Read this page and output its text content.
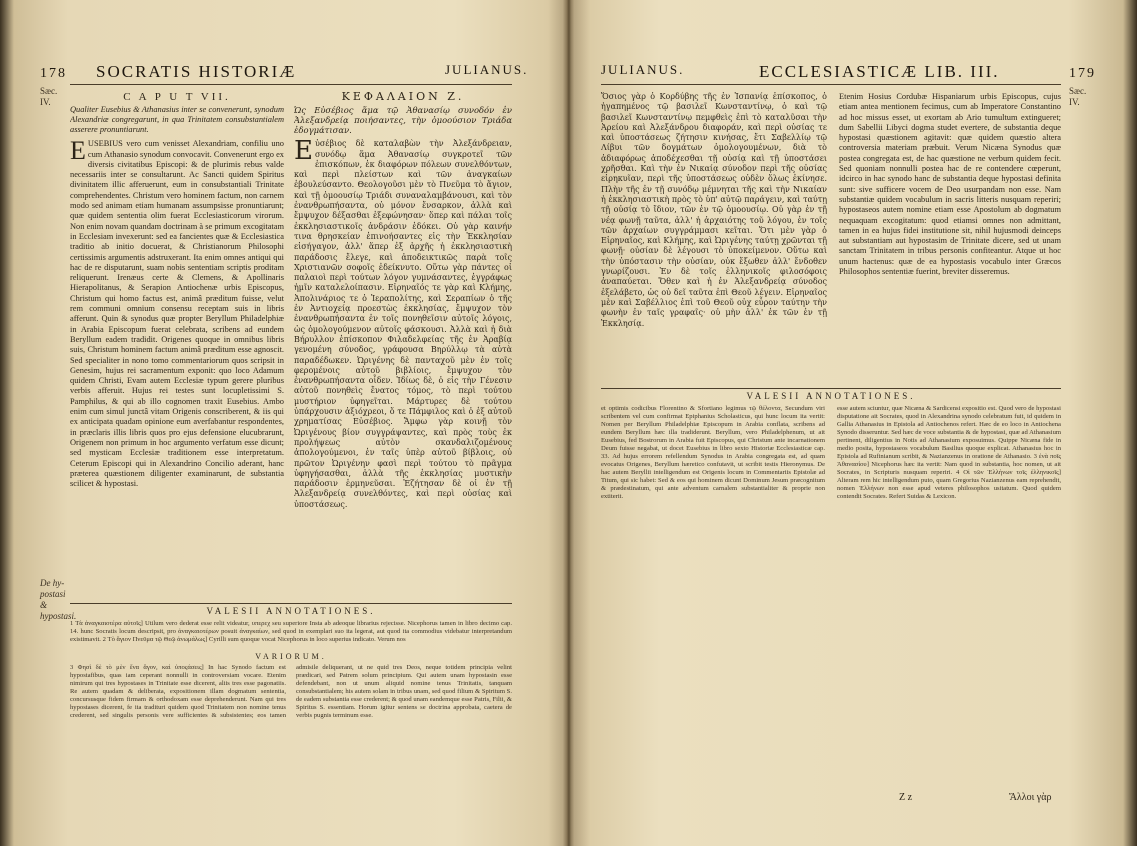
178 SOCRATIS HISTORIÆ	JULIANUS.
Sæc. IV.	C A P U T VII.
Qualiter Eusebius & Athanasius inter se convenerunt, synodum Alexandriæ congregarunt, in qua Trinitatem consubstantialem asserere pronuntiarunt.

EUSEBIUS vero cum venisset Alexandriam, confiliu uno cum Athanasio synodum convocavit. Convenerunt ergo ex diversis civitatibus Episcopi: & de plurimis rebus valde necessariis inter se consultarunt. Ac Sancti quidem Spiritus divinitatem illic afferuerunt, eum in consubstantiali Trinitate comprehendentes. Christum vero hominem factum, non carnem modo sed animam etiam humanam assumpsisse pronuntiarunt; quæ quidem sententia olim fuerat Ecclesiasticorum virorum. Non enim novam quandam doctrinam à se primum excogitatam in Ecclesiam invexerunt: sed ea fancientes quæ & Ecclesiastica traditio ab initio docuerat, & Christianorum Philosophi certissimis argumentis adstruxerant. Ita enim omnes antiqui qui hac de re disputarunt, suam nobis sententiam scriptis proditam reliquerunt. Irenæus certe & Clemens, & Apollinaris Hierapolitanus, & Serapion Antiochenæ urbis Episcopus, Christum qui homo factus est, animâ præditum fuisse, velut rem communi omnium consensu receptam suis in libris afferunt. Quin & synodus quæ propter Beryllum Philadelphiæ in Arabia Episcopum fuerat celebrata, scribens ad eundem Beryllum eadem tradidit. Origenes quoque in omnibus libris suis, Christum hominem factum animâ præditum esse agnoscit. Sed specialiter in nono tomo commentariorum quos scripsit in Genesim, hujus rei sacramentum exponit: quo loco Adamum quidem Christi, Evam autem Ecclesiæ typum gerere pluribus verbis afferuit. Hujus rei testes sunt locupletissimi S. Pamphilus, & qui ab illo cognomen traxit Eusebius. Ambo enim cum simul junctâ vitam Origenis conscriberent, & iis qui ex anticipata quadam opinione eum averfabantur respondentes, in præclaris illis libris quos pro ejus defensione elucubrarunt, Origenem non primum in hoc argumento verfatum esse dicunt; sed mysticam Ecclesiæ traditionem esse interpretatum. Ceterum Episcopi qui in Alexandrino Concilio aderant, hanc præterea quæstionem diligenter examinarunt, de substantia scilicet & hypostasi.

ΚΕΦΑΛΑΙΟΝ Ζ.
Ὡς Εὐσέβιος ἅμα τῷ Ἀθανασίῳ συνοδόν ἐν Ἀλεξανδρείᾳ ποιήσαντες, τὴν ὁμοούσιον Τριάδα ἐδογμάτισαν.

Εὐσέβιος δὲ καταλαβὼν τὴν Ἀλεξάνδρειαν, συνόδῳ ἅμα Ἀθανασίῳ συγκροτεῖ τῶν ἐπισκόπων, ἐκ διαφόρων πόλεων συνελθόντων, καὶ περὶ πλείστων καὶ τῶν ἀναγκαίων ἐβουλεύσαντο. Θεολογοῦσι μὲν τὸ Πνεῦμα τὸ ἅγιον, καὶ τῇ ὁμοουσίῳ Τριάδι συναναλαμβάνουσι, καὶ τὸν ἐνανθρωπήσαντα, οὐ μόνον ἔνσαρκον, ἀλλὰ καὶ ἔμψυχον δέξασθαι ἐξεφώνησαν· ὅπερ καὶ πάλαι τοῖς ἐκκλησιαστικοῖς ἀνδράσιν ἐδόκει. Οὐ γὰρ καινήν τινα θρησκείαν ἐπινοήσαντες εἰς τὴν Ἐκκλησίαν εἰσήγαγον, ἀλλ' ἅπερ ἐξ ἀρχῆς ἡ ἐκκλησιαστικὴ παράδοσις ἔλεγε, καὶ ἀποδεικτικῶς παρὰ τοῖς Χριστιανῶν σοφοῖς ἐδείκνυτο. Οὕτω γὰρ πάντες οἱ παλαιοὶ περὶ τούτων λόγον γυμνάσαντες, ἐγγράφως ἡμῖν καταλελοίπασιν. Εἰρηναῖός τε γὰρ καὶ Κλήμης, Ἀπολινάριος τε ὁ Ἱεραπολίτης, καὶ Σεραπίων ὁ τῆς ἐν Ἀντιοχείᾳ προεστὼς ἐκκλησίας, ἔμψυχον τὸν ἐνανθρωπήσαντα ἐν τοῖς πονηθεῖσιν αὐτοῖς λόγοις, ὡς ὁμολογούμενον αὐτοῖς φάσκουσι. Ἀλλὰ καὶ ἡ διὰ Βήρυλλον ἐπίσκοπον Φιλαδελφείας τῆς ἐν Ἀραβίᾳ γενομένη σύνοδος, γράφουσα Βηρύλλῳ τὰ αὐτὰ παραδέδωκεν. Ὠριγένης δὲ πανταχοῦ μὲν ἐν τοῖς φερομένοις αὐτοῦ βιβλίοις, ἔμψυχον τὸν ἐνανθρωπήσαντα οἶδεν. Ἰδίως δὲ, ὁ εἰς τὴν Γένεσιν αὐτοῦ πονηθεὶς ἔνατος τόμος, τὸ περὶ τούτου μυστήριον ὑφηγεῖται. Μάρτυρες δὲ τούτου ὑπάρχουσιν ἀξιόχρεοι, ὅ τε Πάμφιλος καὶ ὁ ἐξ αὐτοῦ χρηματίσας Εὐσέβιος. Ἄμφω γὰρ κοινῇ τὸν Ὠριγένους βίον συγγράψαντες, καὶ πρὸς τοὺς ἐκ προλήψεως αὐτὸν σκανδαλιζομένους ἀπολογούμενοι, ἐν ταῖς ὑπὲρ αὐτοῦ βίβλοις, οὐ πρῶτον Ὠριγένην φασὶ περὶ τούτου τὸ πρᾶγμα ὑφηγήσασθαι, ἀλλὰ τῆς ἐκκλησίας μυστικὴν παράδοσιν ἑρμηνεῦσαι. Ἐζήτησαν δὲ οἱ ἐν τῇ Ἀλεξανδρείᾳ συνελθόντες, καὶ περὶ οὐσίας καὶ ὑποστάσεως.

De hy-postasi & hypostasi.	VALESII ANNOTATIONES.
1 Τὰ ἀναγκαιοτέρα αὐτοῖς] Utilum vero dederat esse relit videatur, υπερεχ seu superiore Insta ab adeoque librarius rejecisse. Nicephorus tamen in libro decimo cap. 14. hunc Socratis locum descripsit, pro ἀναγκαιοτέρων posuit ἀναγκαίων, sed quod in exemplari suo ita legerat, aut quod ita commodius videbatur interpretandum existimavit. 2 Τὸ ἅγιον Πνεῦμα τῷ Θεῷ ἀνωμάλως] Cyrilli sum quoque vocat Nicephorus in loco superius indicato. Verum nos
VARIORUM.
3 Φησὶ δὲ τὸ μὲν ἕνα ἄγον, καὶ ὑποςάσεις] In hac Synodo factum est hypostafibus, quas iam ceperant nonnulli in controversiam vocare. Etenim nimirum qui tres hypostases in Trinitate esse dicerent, aliis tres esse pagonatiis. Re autem quadam & deliberata, expositionem illam dogmatum sententia, concursusque fidem firmam & orthodoxam esse deprehenderunt. Nam qui tres hypostases dicerent, fe ita tradituri quidem quod Trinitatem non nomine tenus crederent, sed singulis personis vere sufficientes & subsistentes; eos tamen admisile deliquerant, ut ne quid tres Deos, neque totidem principia velint prædicari, sed Patrem solum principium. Qui autem unam hypostasin esse defendebant, non ut unum aliquid nomine tenus Trinitatis, tanquam consubstantialem; his autem solam in tribus unam, sed quod filium & Spiritum S. de eadem substantia esse crederent; & quod unam eandemque esse Patris, Filii, & Spiritus S. essentiam. Horum igitur sentens se doctrina approbata, caetera de verbis pugnis terminum esse.
JULIANUS.	ECCLESIASTICÆ LIB. III.	179
Sæc. IV.

Ὅσιος γὰρ ὁ Κορδύβης τῆς ἐν Ἱσπανίᾳ ἐπίσκοπος, ὁ ἠγαπημένος τῷ βασιλεῖ Κωνσταντίνῳ, ὁ καὶ τῷ βασιλεῖ Κωνσταντίνῳ πεμφθεὶς ἐπὶ τὸ καταλῦσαι τὴν Ἀρείου καὶ Ἀλεξάνδρου διαφοράν, καὶ περὶ οὐσίας τε καὶ ὑποστάσεως ζήτησιν κινήσας, ἔτι Σαβελλίῳ τῷ Λίβυι τῶν δογμάτων ὁμολογουμένων, διὰ τὸ ἀδιαφόρως ἀποδέχεσθαι τῇ οὐσίᾳ καὶ τῇ ὑποστάσει χρῆσθαι. Καὶ τὴν ἐν Νικαίᾳ σύνοδον περὶ τῆς οὐσίας εἰρηκυῖαν, περὶ τῆς ὑποστάσεως οὐδὲν ὅλως ἐκίνησε. Πλὴν τῆς ἐν τῇ συνόδῳ μέμνηται τῆς καὶ τὴν Νικαίαν ἡ ἐκκλησιαστικὴ πρὸς τὸ ὑπ' αὐτῷ παράγειν, καὶ ταύτῃ τῇ οὐσίᾳ τὸ ἴδιον, τῶν ἐν τῷ ὁμοουσίῳ. Οὐ γὰρ ἐν τῇ νέᾳ φωνῇ ταῦτα, ἀλλ' ἡ ἀρχαιότης τοῦ λόγου, ἐν τοῖς τῶν ἀρχαίων συγγράμμασι κεῖται. Ὅτι μὲν γὰρ ὁ Εἰρηναῖος, καὶ Κλήμης, καὶ Ὠριγένης ταύτῃ χρῶνται τῇ φωνῇ· οὐσίαν δὲ λέγουσι τὸ ὑποκείμενον. Οὕτω καὶ τὴν ὑπόστασιν τὴν οὐσίαν, οὐκ ἔξωθεν ἀλλ' ἔνδοθεν γνωρίζουσι. Ἐν δὲ τοῖς ἑλληνικοῖς φιλοσόφοις ἀναπαύεται. Ὅθεν καὶ ἡ ἐν Ἀλεξανδρείᾳ σύνοδος ἐξελάβετο, ὡς οὐ δεῖ ταῦτα ἐπὶ Θεοῦ λέγειν. Εἰρηναῖος μὲν καὶ Σαβέλλιος ἐπὶ τοῦ Θεοῦ οὐχ εὗρον ταύτην τὴν φωνὴν ἐν ταῖς γραφαῖς· οὐ μὴν ἀλλ' ἐκ τῶν ἐν τῇ Ἐκκλησίᾳ.

Etenim Hosius Cordubæ Hispaniarum urbis Episcopus, cujus etiam antea mentionem fecimus, cum ab Imperatore Constantino ad hoc missus esset, ut exortam ab Ario tumultum extingueret; dum Sabellii Libyci dogma studet evertere, de substantia deque hypostasi quæstionem agitavit: quæ quidem quæstio altera controversia materiam præbuit. Verum Nicæna Synodus quæ postea congregata est, de hac quæstione ne verbum quidem fecit. Sed quoniam nonnulli postea hac de re contendere cœperunt, idcirco in hac synodo hanc de substantia deque hypostasi definita sunt: sive sufficere vocem de Deo usurpandam non esse. Nam substantiæ quidem vocabulum in sacris litteris nusquam reperiri; hypostaseos autem nomine etiam esse Apostolum ab dogmatum nequaquam excogitatum: quod etiamsi omnes non admittant, tamen in ea hujus fidei institutione sit, nihil hujusmodi deinceps aut substantiam aut hypostasim de Trinitate dicere, sed ut unam sanctam Trinitatem in tribus personis confiteantur. Atque ut hoc unum hactenus: quæ de ea hypostasis vocabulo inter Græcos Philosophos sententiæ fuerint, breviter disseremus.

VALESII ANNOTATIONES.
et optimis codicibus Florentino & Sfortiano legimus τῷ θέλοντα, Secundum viri scribentem vel cum confirmat Epiphanius Scholasticus, qui hunc locum ita vertit: Nomen per Beryllum Philadelphiæ Episcopum in Arabia conflata, scribens ad eundem Beryllum hæc illa tradiderunt. Beryllum, vero Philadelphenum, ut ait Eusebius, fed Bostrorum in Arabia fuit Episcopus, qui Christum ante incarnationem Deum fuisse negabat, ut docet Eusebius in libro sexto Historiæ Ecclesiasticæ cap. 33. Ad hujus errorem refellendum Synodus in Arabia congregata est, ad quam evocatus Origenes, Beryllum hæretico confutavit, ut scribit testis Hieronymus. De hac autem Beryllii intelligendum est Origenis locum in Commentariis Epistolæ ad Titum, qui sic habet: Sed & eos qui hominem dicunt Dominum Jesum præcognitum & prædestinatum, qui ante adventum carnalem substantialiter & proprie non extiterit.
esse autem sciuntur, quæ Nicæna & Sardicensi expositio est. Quod vero de hypostasi disputatione ait Socrates, quod in Alexandrina synodo celebratum fuit, id quidem in Gallia Athanasius in Epistola ad Antiochenos refert. Hæc de eo loco in Antiochena Synodo disseruntur. Sed hæc de voce substantia & de hypostasi, quæ ad Athanasium pertinent, diligentius in Notis ad Athanasium exposuimus. Quippe Nicæna fide in medio posita, hypostaseos vocabulum Basilius quoque explicat. Athanasius hoc in Epistola ad Rufinianum scribit, & Nazianzenus in oratione de Athanasio. 3 ἑνὰ ποῖς Ἀθανασίου] Nicephorus hæc ita vertit: Nam quod in substantia, hoc nomen, ut ait Socrates, in Scripturis nusquam reperiri. 4 Οἱ τῶν Ἑλλήνων τοῖς ἑλληνικοῖς] Alteram rem hic intelligendum puto, quam Gregorius Nazianzenus eam reprehendit, nomen Ἑλλήνων non esse apud veteres philosophos usitatum. Quod quidem contendit Socrates. Refert Suidas & Lexicon.
Z z	Ἄλλοι γὰρ
